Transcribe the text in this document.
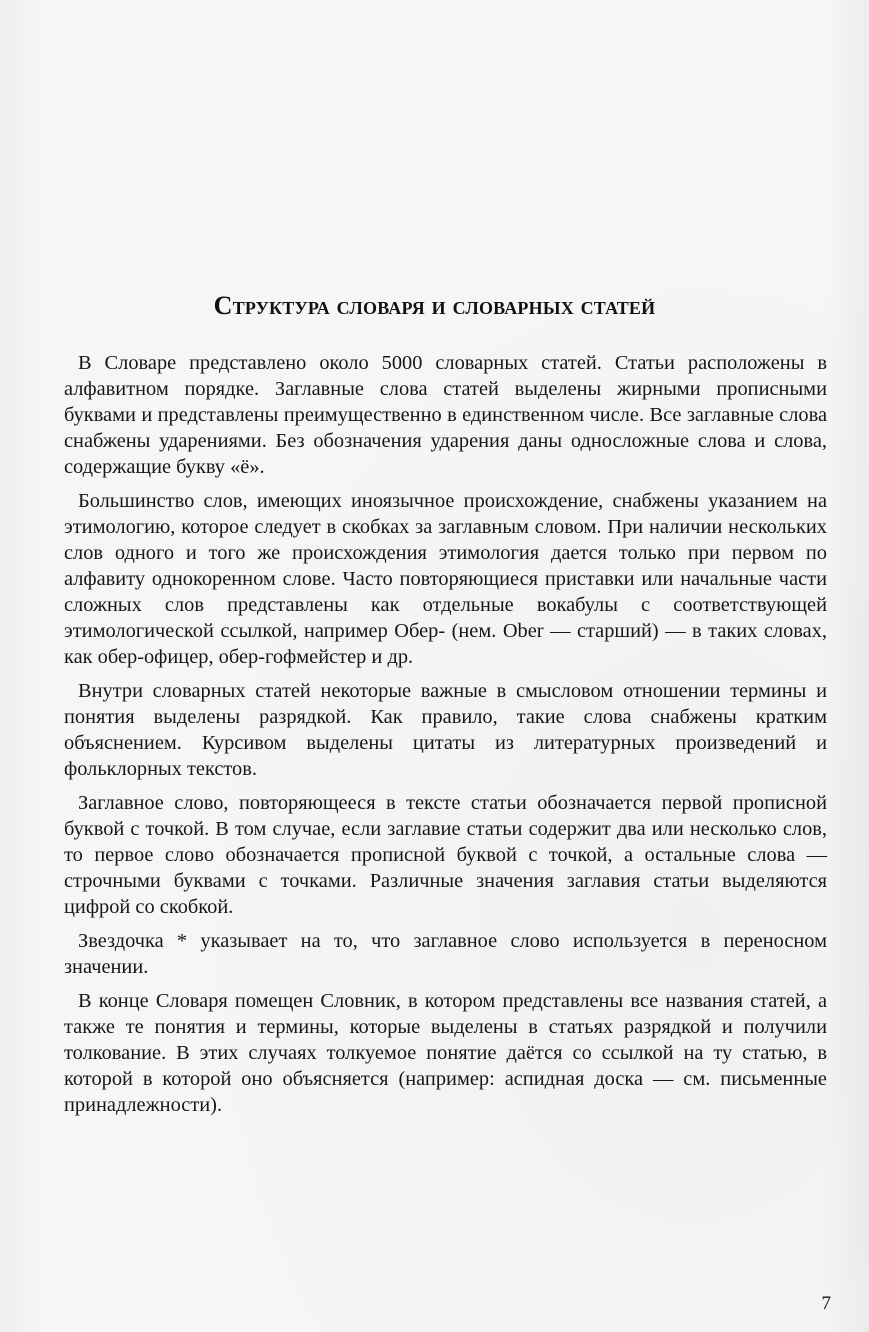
Структура словаря и словарных статей

В Словаре представлено около 5000 словарных статей. Статьи расположены в алфавитном порядке. Заглавные слова статей выделены жирными прописными буквами и представлены преимущественно в единственном числе. Все заглавные слова снабжены ударениями. Без обозначения ударения даны односложные слова и слова, содержащие букву «ё».

Большинство слов, имеющих иноязычное происхождение, снабжены указанием на этимологию, которое следует в скобках за заглавным словом. При наличии нескольких слов одного и того же происхождения этимология дается только при первом по алфавиту однокоренном слове. Часто повторяющиеся приставки или начальные части сложных слов представлены как отдельные вокабулы с соответствующей этимологической ссылкой, например Обер- (нем. Ober — старший) — в таких словах, как обер-офицер, обер-гофмейстер и др.

Внутри словарных статей некоторые важные в смысловом отношении термины и понятия выделены разрядкой. Как правило, такие слова снабжены кратким объяснением. Курсивом выделены цитаты из литературных произведений и фольклорных текстов.

Заглавное слово, повторяющееся в тексте статьи обозначается первой прописной буквой с точкой. В том случае, если заглавие статьи содержит два или несколько слов, то первое слово обозначается прописной буквой с точкой, а остальные слова — строчными буквами с точками. Различные значения заглавия статьи выделяются цифрой со скобкой.

Звездочка * указывает на то, что заглавное слово используется в переносном значении.

В конце Словаря помещен Словник, в котором представлены все названия статей, а также те понятия и термины, которые выделены в статьях разрядкой и получили толкование. В этих случаях толкуемое понятие даётся со ссылкой на ту статью, в которой в которой оно объясняется (например: аспидная доска — см. письменные принадлежности).

7
